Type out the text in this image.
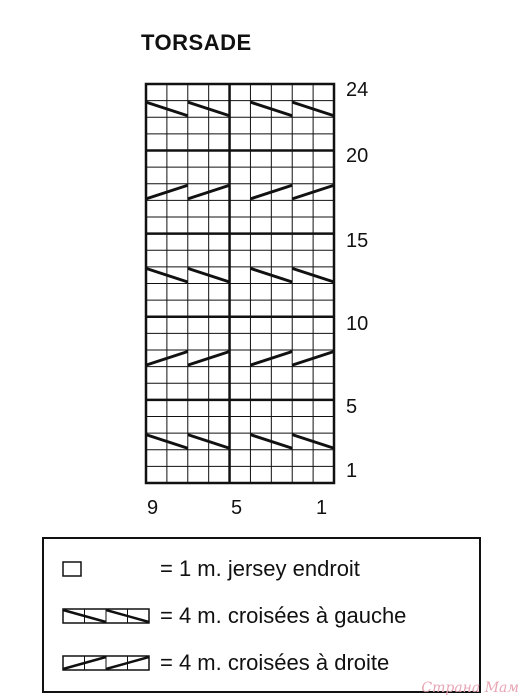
TORSADE
24
20
15
10
5
1
9	5	1
= 1 m. jersey endroit
= 4 m. croisées à gauche
= 4 m. croisées à droite
Страна Мам
